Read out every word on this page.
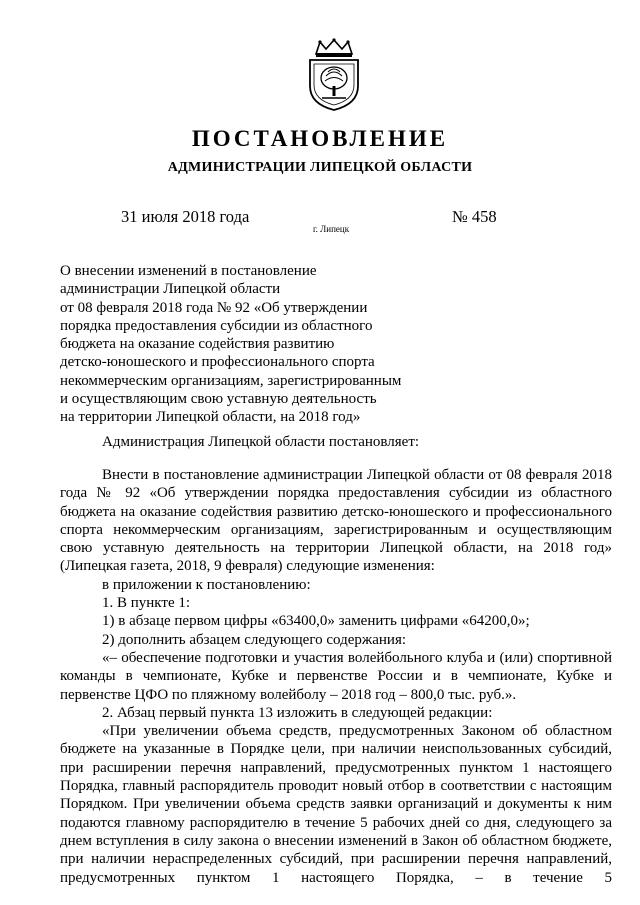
ПОСТАНОВЛЕНИЕ
АДМИНИСТРАЦИИ ЛИПЕЦКОЙ ОБЛАСТИ
31 июля 2018 года
г. Липецк
№ 458
О внесении изменений в постановление
администрации Липецкой области
от 08 февраля 2018 года № 92 «Об утверждении
порядка предоставления субсидии из областного
бюджета на оказание содействия развитию
детско-юношеского и профессионального спорта
некоммерческим организациям, зарегистрированным
и осуществляющим свою уставную деятельность
на территории Липецкой области, на 2018 год»
Администрация Липецкой области постановляет:

Внести в постановление администрации Липецкой области от 08 февраля 2018 года № 92 «Об утверждении порядка предоставления субсидии из областного бюджета на оказание содействия развитию детско-юношеского и профессионального спорта некоммерческим организациям, зарегистрированным и осуществляющим свою уставную деятельность на территории Липецкой области, на 2018 год» (Липецкая газета, 2018, 9 февраля) следующие изменения:

в приложении к постановлению:

1. В пункте 1:

1) в абзаце первом цифры «63400,0» заменить цифрами «64200,0»;

2) дополнить абзацем следующего содержания:

«– обеспечение подготовки и участия волейбольного клуба и (или) спортивной команды в чемпионате, Кубке и первенстве России и в чемпионате, Кубке и первенстве ЦФО по пляжному волейболу – 2018 год – 800,0 тыс. руб.».

2. Абзац первый пункта 13 изложить в следующей редакции:

«При увеличении объема средств, предусмотренных Законом об областном бюджете на указанные в Порядке цели, при наличии неиспользованных субсидий, при расширении перечня направлений, предусмотренных пунктом 1 настоящего Порядка, главный распорядитель проводит новый отбор в соответствии с настоящим Порядком. При увеличении объема средств заявки организаций и документы к ним подаются главному распорядителю в течение 5 рабочих дней со дня, следующего за днем вступления в силу закона о внесении изменений в Закон об областном бюджете, при наличии нераспределенных субсидий, при расширении перечня направлений, предусмотренных пунктом 1 настоящего Порядка, – в течение 5
